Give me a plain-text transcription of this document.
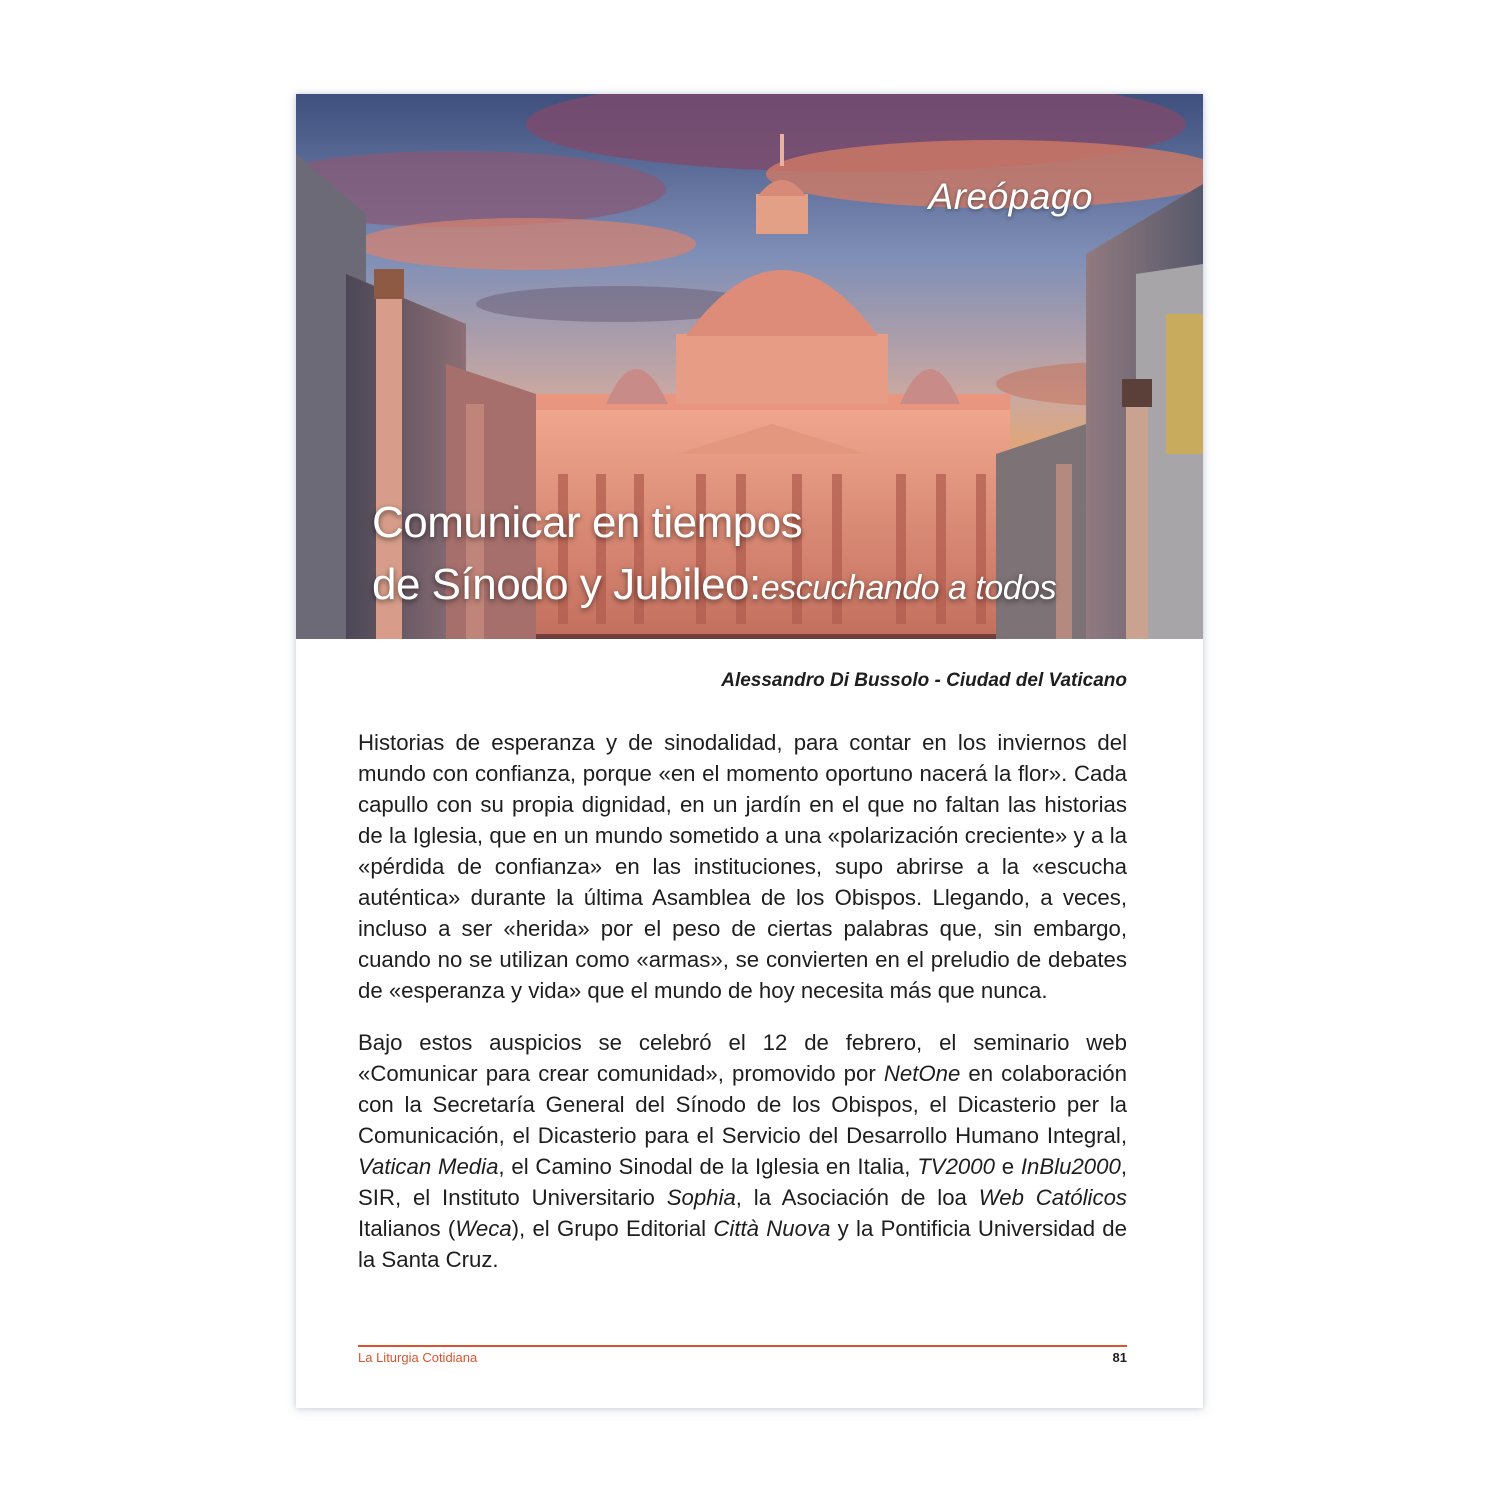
Areópago
Comunicar en tiempos
de Sínodo y Jubileo:escuchando a todos
Alessandro Di Bussolo - Ciudad del Vaticano

Historias de esperanza y de sinodalidad, para contar en los inviernos del mundo con confianza, porque «en el momento oportuno nacerá la flor». Cada capullo con su propia dignidad, en un jardín en el que no faltan las historias de la Iglesia, que en un mundo sometido a una «polarización creciente» y a la «pérdida de confianza» en las instituciones, supo abrirse a la «escucha auténtica» durante la última Asamblea de los Obispos. Llegando, a veces, incluso a ser «herida» por el peso de ciertas palabras que, sin embargo, cuando no se utilizan como «armas», se convierten en el preludio de debates de «esperanza y vida» que el mundo de hoy necesita más que nunca.

Bajo estos auspicios se celebró el 12 de febrero, el seminario web «Comunicar para crear comunidad», promovido por NetOne en colaboración con la Secretaría General del Sínodo de los Obispos, el Dicasterio per la Comunicación, el Dicasterio para el Servicio del Desarrollo Humano Integral, Vatican Media, el Camino Sinodal de la Iglesia en Italia, TV2000 e InBlu2000, SIR, el Instituto Universitario Sophia, la Asociación de loa Web Católicos Italianos (Weca), el Grupo Editorial Città Nuova y la Pontificia Universidad de la Santa Cruz.

La Liturgia Cotidiana	81
